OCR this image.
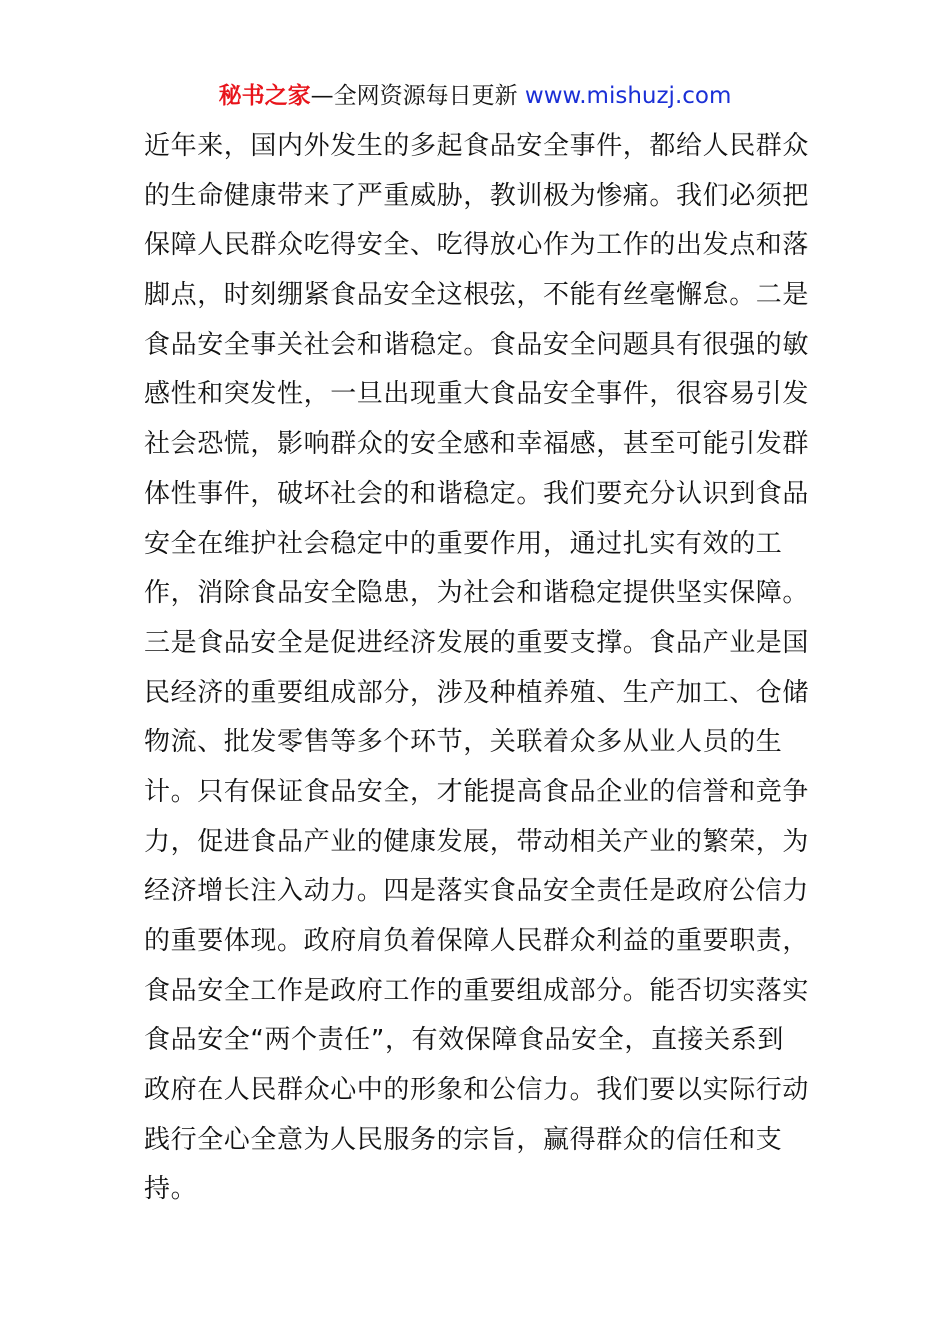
秘书之家—全网资源每日更新 www.mishuzj.com
近年来，国内外发生的多起食品安全事件，都给人民群众
的生命健康带来了严重威胁，教训极为惨痛。我们必须把
保障人民群众吃得安全、吃得放心作为工作的出发点和落
脚点，时刻绷紧食品安全这根弦，不能有丝毫懈怠。二是
食品安全事关社会和谐稳定。食品安全问题具有很强的敏
感性和突发性，一旦出现重大食品安全事件，很容易引发
社会恐慌，影响群众的安全感和幸福感，甚至可能引发群
体性事件，破坏社会的和谐稳定。我们要充分认识到食品
安全在维护社会稳定中的重要作用，通过扎实有效的工
作，消除食品安全隐患，为社会和谐稳定提供坚实保障。
三是食品安全是促进经济发展的重要支撑。食品产业是国
民经济的重要组成部分，涉及种植养殖、生产加工、仓储
物流、批发零售等多个环节，关联着众多从业人员的生
计。只有保证食品安全，才能提高食品企业的信誉和竞争
力，促进食品产业的健康发展，带动相关产业的繁荣，为
经济增长注入动力。四是落实食品安全责任是政府公信力
的重要体现。政府肩负着保障人民群众利益的重要职责，
食品安全工作是政府工作的重要组成部分。能否切实落实
食品安全“两个责任”，有效保障食品安全，直接关系到
政府在人民群众心中的形象和公信力。我们要以实际行动
践行全心全意为人民服务的宗旨，赢得群众的信任和支
持。
